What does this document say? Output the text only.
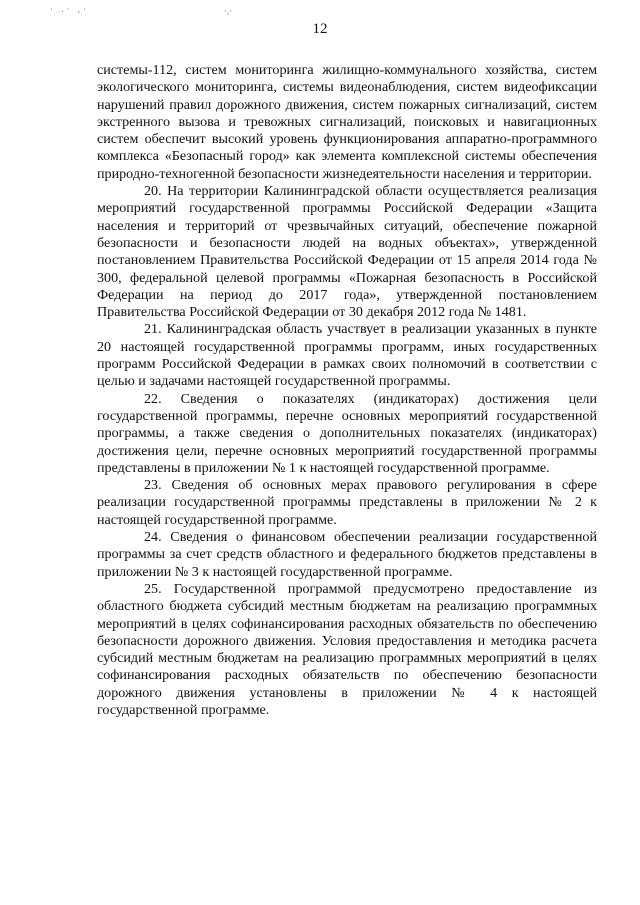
· .· ,·	·,·
12

системы-112, систем мониторинга жилищно-коммунального хозяйства, систем экологического мониторинга, системы видеонаблюдения, систем видеофиксации нарушений правил дорожного движения, систем пожарных сигнализаций, систем экстренного вызова и тревожных сигнализаций, поисковых и навигационных систем обеспечит высокий уровень функционирования аппаратно-программного комплекса «Безопасный город» как элемента комплексной системы обеспечения природно-техногенной безопасности жизнедеятельности населения и территории.

20. На территории Калининградской области осуществляется реализация мероприятий государственной программы Российской Федерации «Защита населения и территорий от чрезвычайных ситуаций, обеспечение пожарной безопасности и безопасности людей на водных объектах», утвержденной постановлением Правительства Российской Федерации от 15 апреля 2014 года № 300, федеральной целевой программы «Пожарная безопасность в Российской Федерации на период до 2017 года», утвержденной постановлением Правительства Российской Федерации от 30 декабря 2012 года № 1481.

21. Калининградская область участвует в реализации указанных в пункте 20 настоящей государственной программы программ, иных государственных программ Российской Федерации в рамках своих полномочий в соответствии с целью и задачами настоящей государственной программы.

22. Сведения о показателях (индикаторах) достижения цели государственной программы, перечне основных мероприятий государственной программы, а также сведения о дополнительных показателях (индикаторах) достижения цели, перечне основных мероприятий государственной программы представлены в приложении № 1 к настоящей государственной программе.

23. Сведения об основных мерах правового регулирования в сфере реализации государственной программы представлены в приложении № 2 к настоящей государственной программе.

24. Сведения о финансовом обеспечении реализации государственной программы за счет средств областного и федерального бюджетов представлены в приложении № 3 к настоящей государственной программе.

25. Государственной программой предусмотрено предоставление из областного бюджета субсидий местным бюджетам на реализацию программных мероприятий в целях софинансирования расходных обязательств по обеспечению безопасности дорожного движения. Условия предоставления и методика расчета субсидий местным бюджетам на реализацию программных мероприятий в целях софинансирования расходных обязательств по обеспечению безопасности дорожного движения установлены в приложении № 4 к настоящей государственной программе.
